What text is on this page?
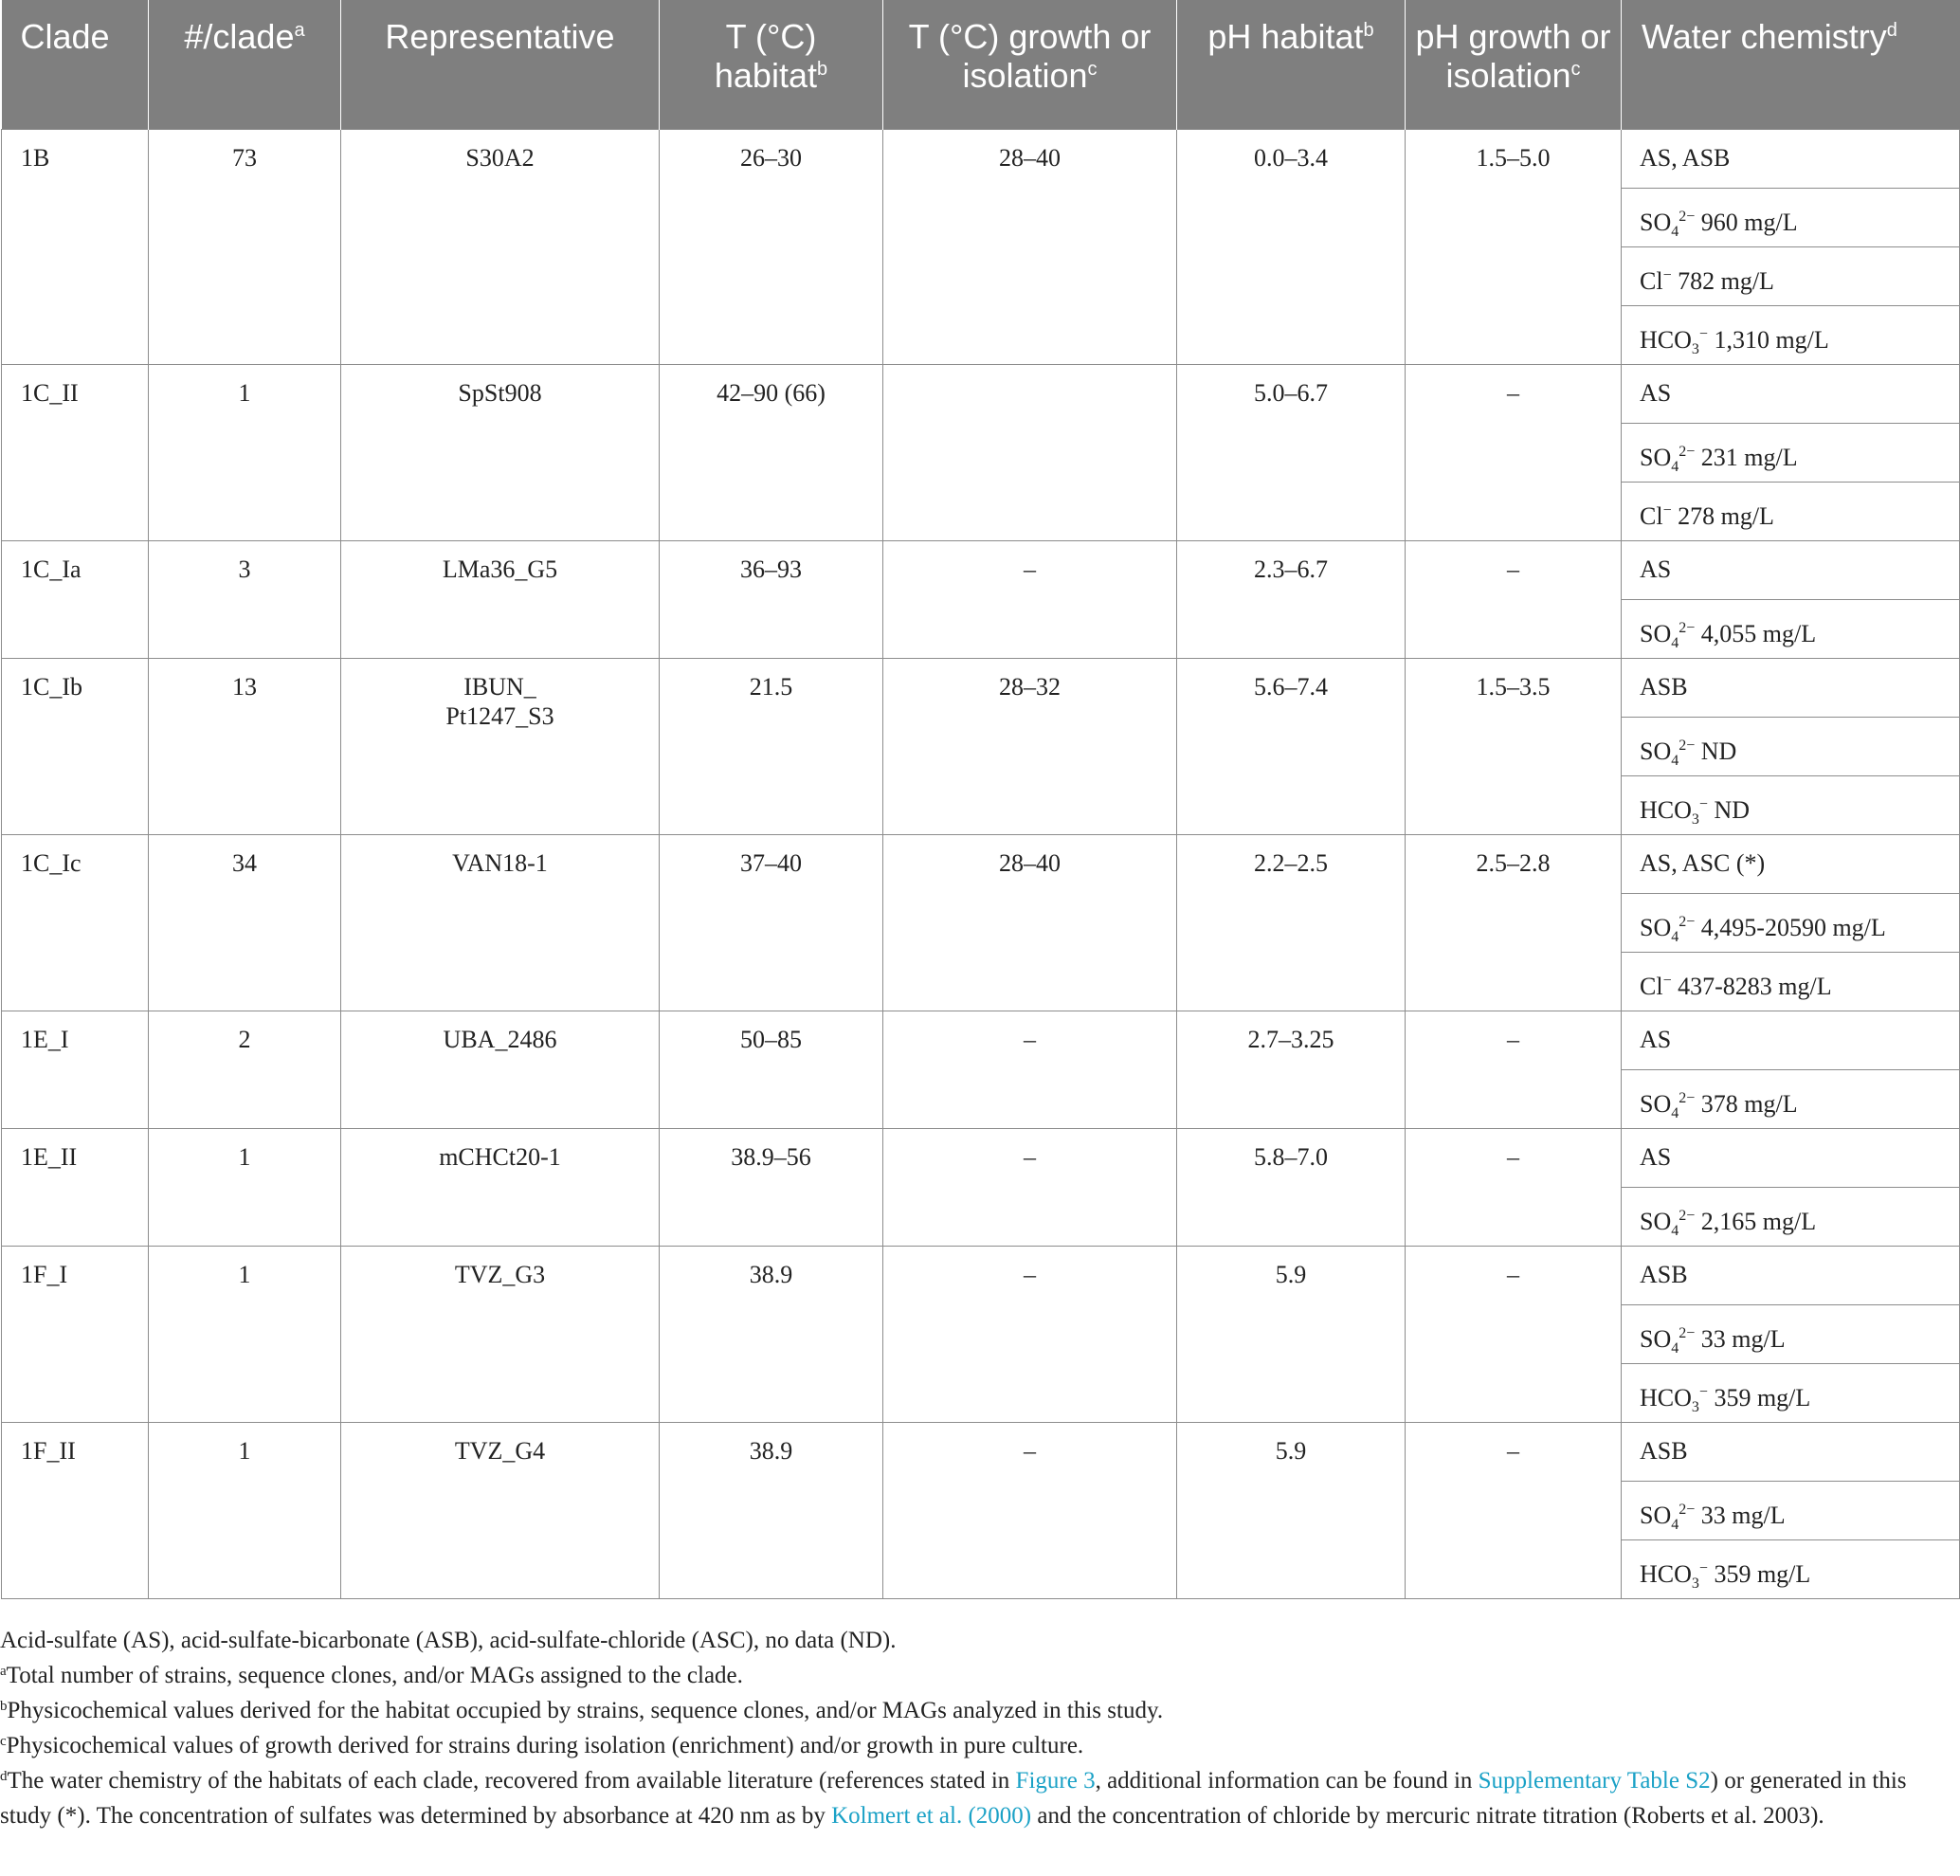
Clade	#/clade$^a$	Representative	T (°C) habitat$^b$	T (°C) growth or isolation$^c$	pH habitat$^b$	pH growth or isolation$^c$	Water chemistry$^d$

1B	73	S30A2	26–30	28–40	0.0–3.4	1.5–5.0	AS, ASB
$SO_4^{2-}$ 960 mg/L
Cl− 782 mg/L
$HCO_3^-$ 1,310 mg/L

1C_II	1	SpSt908	42–90 (66)		5.0–6.7	–	AS
$SO_4^{2-}$ 231 mg/L
Cl− 278 mg/L

1C_Ia	3	LMa36_G5	36–93	–	2.3–6.7	–	AS
$SO_4^{2-}$ 4,055 mg/L

1C_Ib	13	IBUN_ Pt1247_S3	21.5	28–32	5.6–7.4	1.5–3.5	ASB
$SO_4^{2-}$ ND
$HCO_3^-$ ND

1C_Ic	34	VAN18-1	37–40	28–40	2.2–2.5	2.5–2.8	AS, ASC (*)
$SO_4^{2-}$ 4,495-20590 mg/L
Cl− 437-8283 mg/L

1E_I	2	UBA_2486	50–85	–	2.7–3.25	–	AS
$SO_4^{2-}$ 378 mg/L

1E_II	1	mCHCt20-1	38.9–56	–	5.8–7.0	–	AS
$SO_4^{2-}$ 2,165 mg/L

1F_I	1	TVZ_G3	38.9	–	5.9	–	ASB
$SO_4^{2-}$ 33 mg/L
$HCO_3^-$ 359 mg/L

1F_II	1	TVZ_G4	38.9	–	5.9	–	ASB
$SO_4^{2-}$ 33 mg/L
$HCO_3^-$ 359 mg/L

Acid-sulfate (AS), acid-sulfate-bicarbonate (ASB), acid-sulfate-chloride (ASC), no data (ND).

$^a$Total number of strains, sequence clones, and/or MAGs assigned to the clade.

$^b$Physicochemical values derived for the habitat occupied by strains, sequence clones, and/or MAGs analyzed in this study.

$^c$Physicochemical values of growth derived for strains during isolation (enrichment) and/or growth in pure culture.

$^d$The water chemistry of the habitats of each clade, recovered from available literature (references stated in Figure 3, additional information can be found in Supplementary Table S2) or generated in this study (*). The concentration of sulfates was determined by absorbance at 420 nm as by Kolmert et al. (2000) and the concentration of chloride by mercuric nitrate titration (Roberts et al. 2003).
